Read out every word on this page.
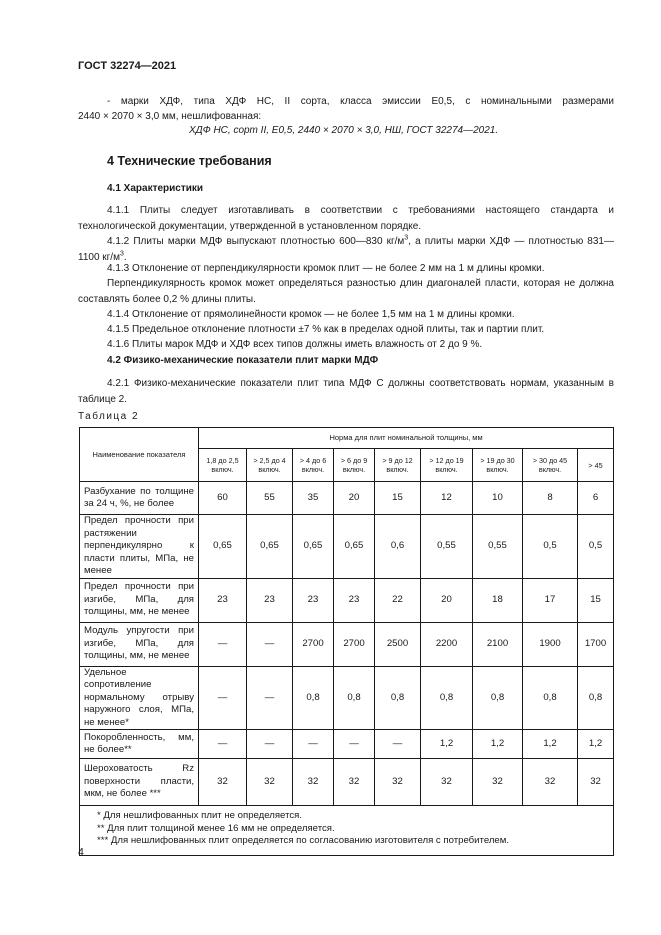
ГОСТ 32274—2021
- марки ХДФ, типа ХДФ НС, II сорта, класса эмиссии Е0,5, с номинальными размерами
2440 × 2070 × 3,0 мм, нешлифованная:
ХДФ НС, сорт II, Е0,5, 2440 × 2070 × 3,0, НШ, ГОСТ 32274—2021.
4 Технические требования
4.1 Характеристики
4.1.1 Плиты следует изготавливать в соответствии с требованиями настоящего стандарта и технологической документации, утвержденной в установленном порядке.
4.1.2 Плиты марки МДФ выпускают плотностью 600—830 $кг/м^3$, а плиты марки ХДФ — плотностью 831—1100 $кг/м^3$.
4.1.3 Отклонение от перпендикулярности кромок плит — не более 2 мм на 1 м длины кромки.
Перпендикулярность кромок может определяться разностью длин диагоналей пласти, которая не должна составлять более 0,2 % длины плиты.
4.1.4 Отклонение от прямолинейности кромок — не более 1,5 мм на 1 м длины кромки.
4.1.5 Предельное отклонение плотности ±7 % как в пределах одной плиты, так и партии плит.
4.1.6 Плиты марок МДФ и ХДФ всех типов должны иметь влажность от 2 до 9 %.
4.2 Физико-механические показатели плит марки МДФ
4.2.1 Физико-механические показатели плит типа МДФ С должны соответствовать нормам, указанным в таблице 2.
Таблица 2
Наименование показателя	Норма для плит номинальной толщины, мм								
	1,8 до 2,5 включ.	> 2,5 до 4 включ.	> 4 до 6 включ.	> 6 до 9 включ.	> 9 до 12 включ.	> 12 до 19 включ.	> 19 до 30 включ.	> 30 до 45 включ.	> 45
Разбухание по толщине за 24 ч, %, не более	60	55	35	20	15	12	10	8	6
Предел прочности при растяжении перпендикулярно к пласти плиты, МПа, не менее	0,65	0,65	0,65	0,65	0,6	0,55	0,55	0,5	0,5
Предел прочности при изгибе, МПа, для толщины, мм, не менее	23	23	23	23	22	20	18	17	15
Модуль упругости при изгибе, МПа, для толщины, мм, не менее	—	—	2700	2700	2500	2200	2100	1900	1700
Удельное сопротивление нормальному отрыву наружного слоя, МПа, не менее*	—	—	0,8	0,8	0,8	0,8	0,8	0,8	0,8
Покоробленность, мм, не более**	—	—	—	—	—	1,2	1,2	1,2	1,2
Шероховатость Rz поверхности пласти, мкм, не более ***	32	32	32	32	32	32	32	32	32

* Для нешлифованных плит не определяется.
** Для плит толщиной менее 16 мм не определяется.
*** Для нешлифованных плит определяется по согласованию изготовителя с потребителем.									
4
